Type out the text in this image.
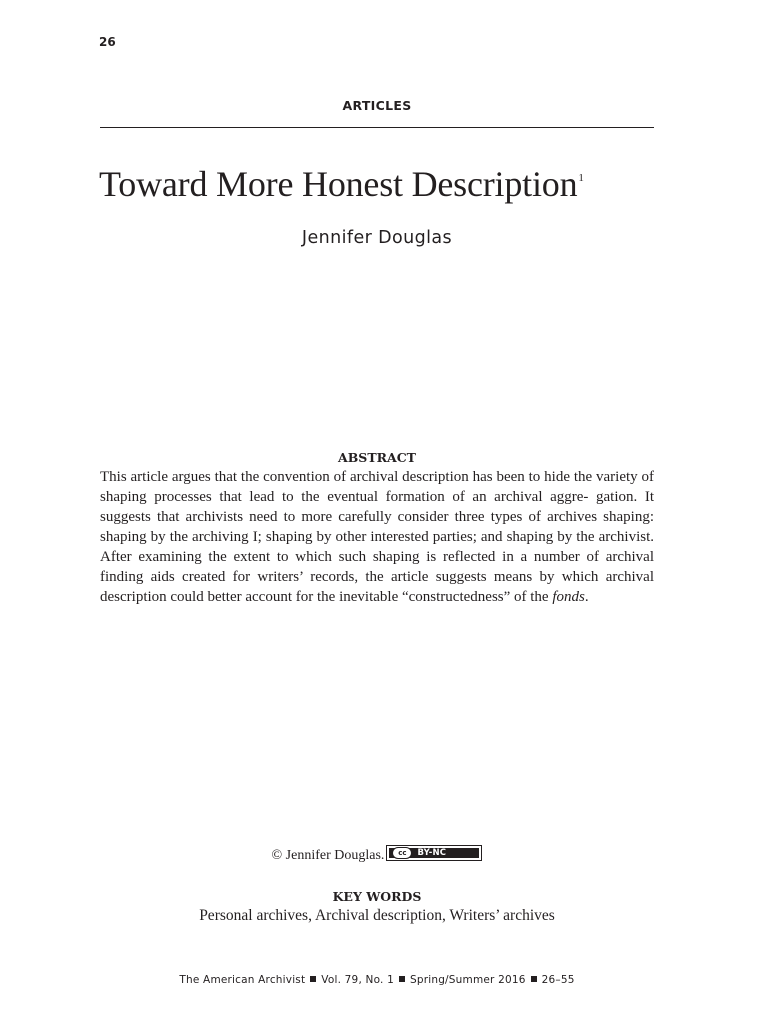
26
ARTICLES
Toward More Honest Description$^1$
Jennifer Douglas
ABSTRACT

This article argues that the convention of archival description has been to hide the variety of shaping processes that lead to the eventual formation of an archival aggre- gation. It suggests that archivists need to more carefully consider three types of archives shaping: shaping by the archiving I; shaping by other interested parties; and shaping by the archivist. After examining the extent to which such shaping is reflected in a number of archival finding aids created for writers’ records, the article suggests means by which archival description could better account for the inevitable “constructedness” of the fonds.

© Jennifer Douglas.	cc	BY-NC
KEY WORDS
Personal archives, Archival description, Writers’ archives
The American Archivist Vol. 79, No. 1 Spring/Summer 2016 26–55
